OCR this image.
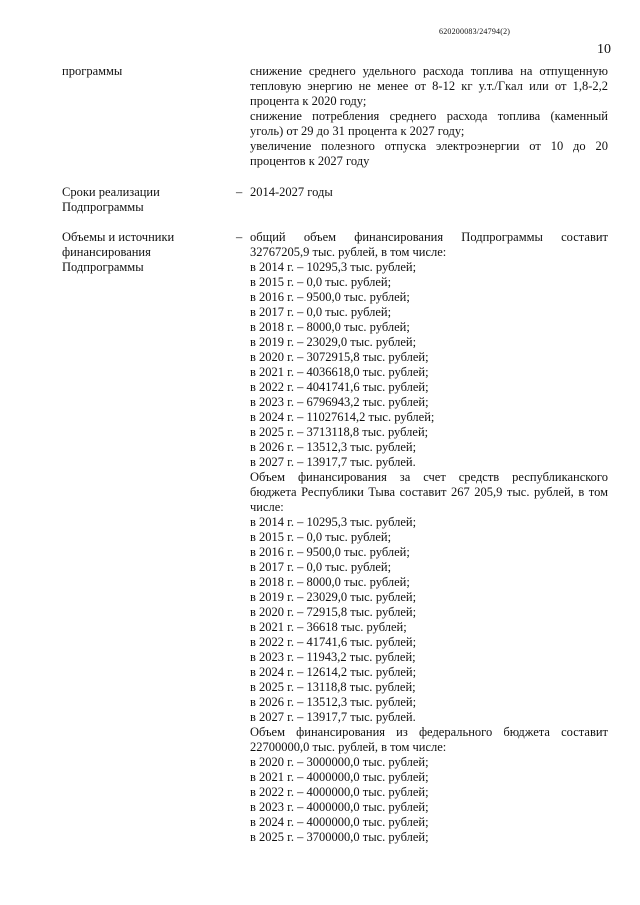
620200083/24794(2)
10
программы	снижение среднего удельного расхода топлива на отпущенную тепловую энергию не менее от 8-12 кг у.т./Гкал или от 1,8-2,2 процента к 2020 году;

снижение потребления среднего расхода топлива (каменный уголь) от 29 до 31 процента к 2027 году;

увеличение полезного отпуска электроэнергии от 10 до 20 процентов к 2027 году

Сроки реализации Подпрограммы
– 2014-2027 годы

Объемы и источники финансирования Подпрограммы
– общий объем финансирования Подпрограммы составит 32767205,9 тыс. рублей, в том числе:

в 2014 г. – 10295,3 тыс. рублей;
в 2015 г. – 0,0 тыс. рублей;
в 2016 г. – 9500,0 тыс. рублей;
в 2017 г. – 0,0 тыс. рублей;
в 2018 г. – 8000,0 тыс. рублей;
в 2019 г. – 23029,0 тыс. рублей;
в 2020 г. – 3072915,8 тыс. рублей;
в 2021 г. – 4036618,0 тыс. рублей;
в 2022 г. – 4041741,6 тыс. рублей;
в 2023 г. – 6796943,2 тыс. рублей;
в 2024 г. – 11027614,2 тыс. рублей;
в 2025 г. – 3713118,8 тыс. рублей;
в 2026 г. – 13512,3 тыс. рублей;
в 2027 г. – 13917,7 тыс. рублей.

Объем финансирования за счет средств республиканского бюджета Республики Тыва составит 267 205,9 тыс. рублей, в том числе:

в 2014 г. – 10295,3 тыс. рублей;
в 2015 г. – 0,0 тыс. рублей;
в 2016 г. – 9500,0 тыс. рублей;
в 2017 г. – 0,0 тыс. рублей;
в 2018 г. – 8000,0 тыс. рублей;
в 2019 г. – 23029,0 тыс. рублей;
в 2020 г. – 72915,8 тыс. рублей;
в 2021 г. – 36618 тыс. рублей;
в 2022 г. – 41741,6 тыс. рублей;
в 2023 г. – 11943,2 тыс. рублей;
в 2024 г. – 12614,2 тыс. рублей;
в 2025 г. – 13118,8 тыс. рублей;
в 2026 г. – 13512,3 тыс. рублей;
в 2027 г. – 13917,7 тыс. рублей.

Объем финансирования из федерального бюджета составит 22700000,0 тыс. рублей, в том числе:

в 2020 г. – 3000000,0 тыс. рублей;
в 2021 г. – 4000000,0 тыс. рублей;
в 2022 г. – 4000000,0 тыс. рублей;
в 2023 г. – 4000000,0 тыс. рублей;
в 2024 г. – 4000000,0 тыс. рублей;
в 2025 г. – 3700000,0 тыс. рублей;
